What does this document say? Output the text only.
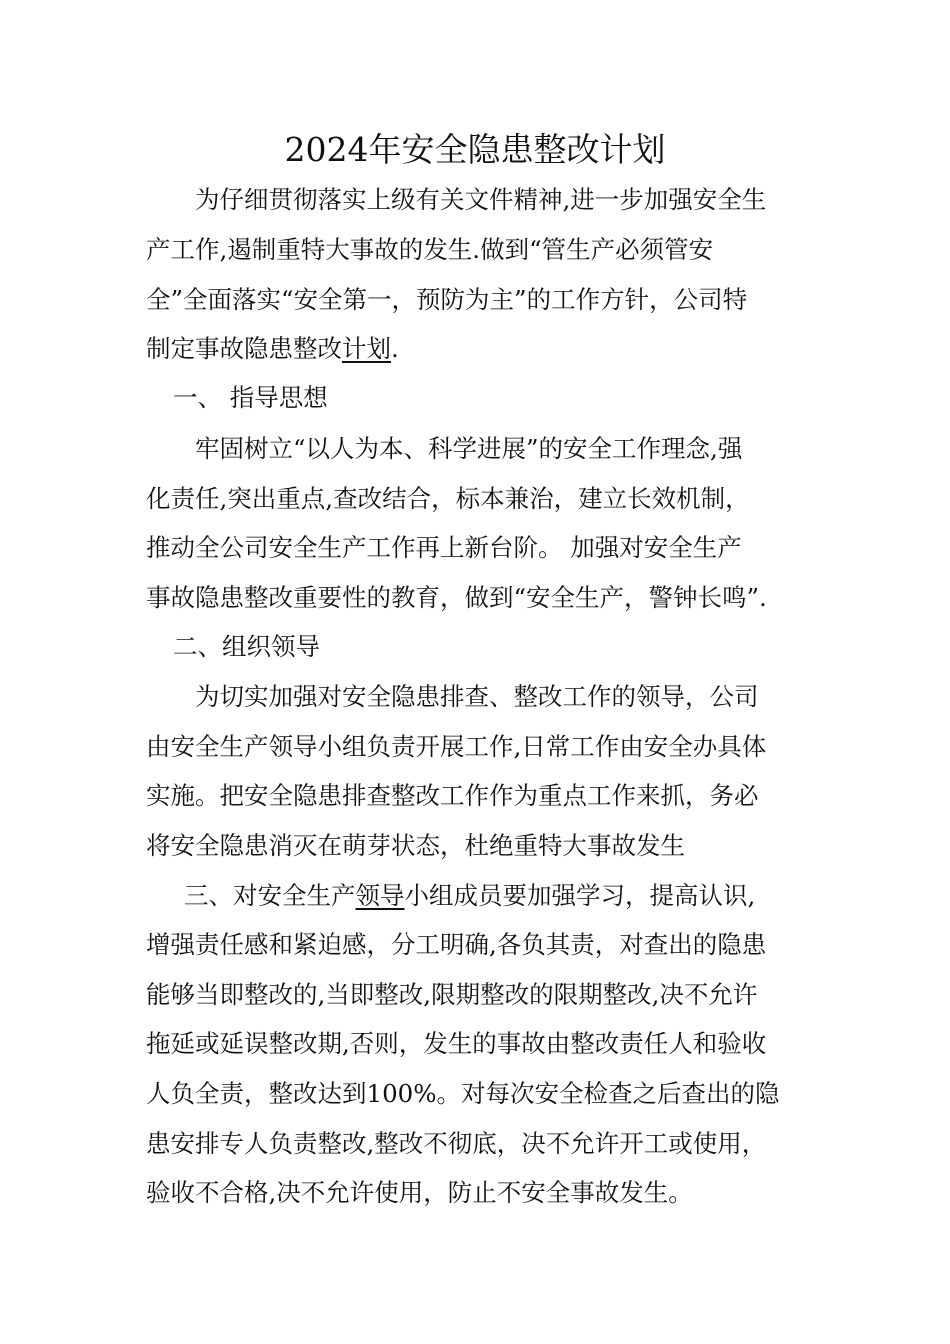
2024年安全隐患整改计划
为仔细贯彻落实上级有关文件精神,进一步加强安全生
产工作,遏制重特大事故的发生.做到“管生产必须管安
全”全面落实“安全第一，预防为主”的工作方针，公司特
制定事故隐患整改计划.
一、 指导思想
牢固树立“以人为本、科学进展”的安全工作理念,强
化责任,突出重点,查改结合，标本兼治，建立长效机制，
推动全公司安全生产工作再上新台阶。 加强对安全生产
事故隐患整改重要性的教育，做到“安全生产，警钟长鸣”.
二、组织领导
为切实加强对安全隐患排查、整改工作的领导，公司
由安全生产领导小组负责开展工作,日常工作由安全办具体
实施。把安全隐患排查整改工作作为重点工作来抓，务必
将安全隐患消灭在萌芽状态，杜绝重特大事故发生
三、对安全生产领导小组成员要加强学习，提高认识,
增强责任感和紧迫感，分工明确,各负其责，对查出的隐患
能够当即整改的,当即整改,限期整改的限期整改,决不允许
拖延或延误整改期,否则，发生的事故由整改责任人和验收
人负全责，整改达到100%。对每次安全检查之后查出的隐
患安排专人负责整改,整改不彻底，决不允许开工或使用，
验收不合格,决不允许使用，防止不安全事故发生。
